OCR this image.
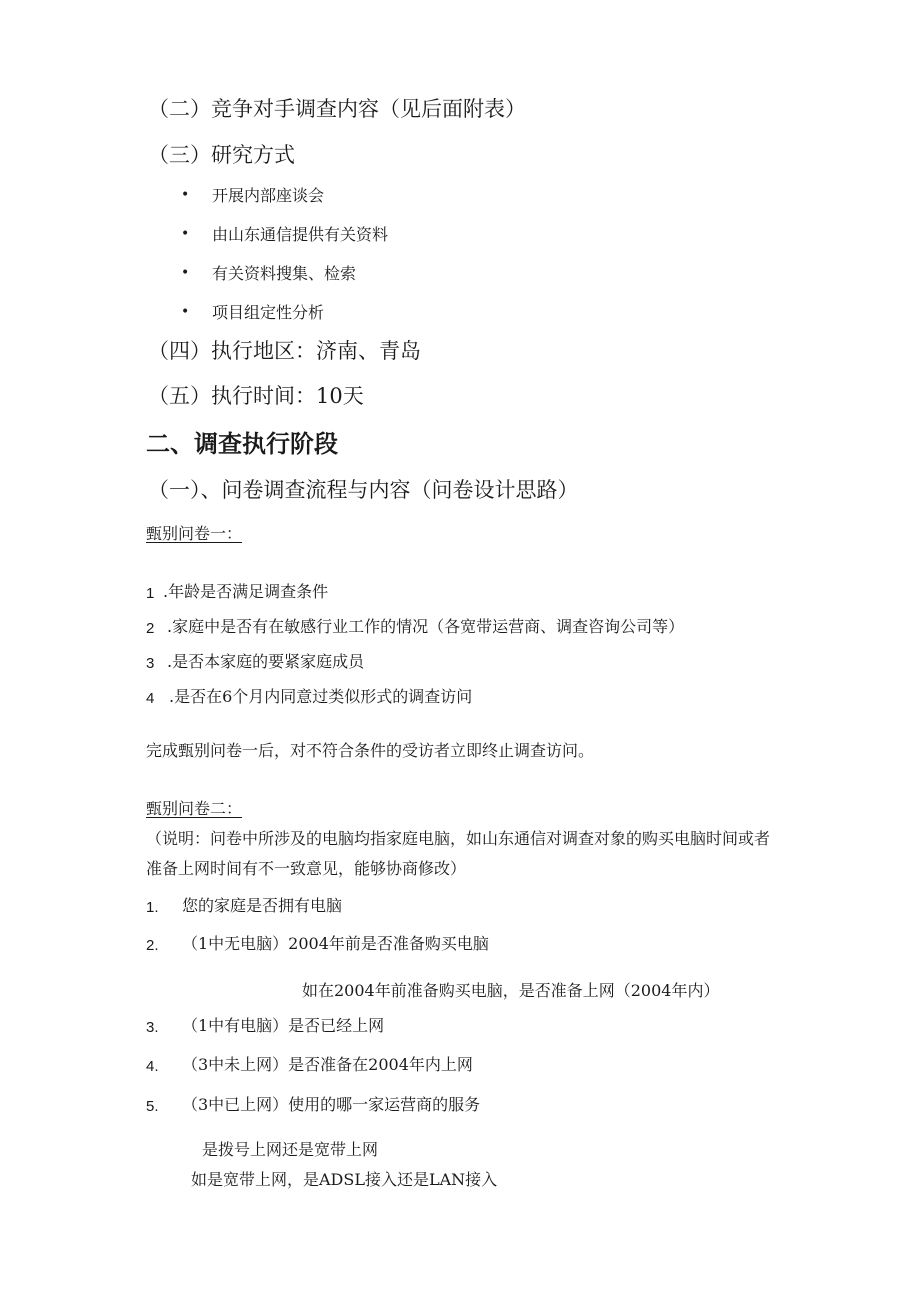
（二）竞争对手调查内容（见后面附表）
（三）研究方式
• 开展内部座谈会
• 由山东通信提供有关资料
• 有关资料搜集、检索
• 项目组定性分析
（四）执行地区：济南、青岛
（五）执行时间：10天
二、调查执行阶段
（一）、问卷调查流程与内容（问卷设计思路）
甄别问卷一：
1 .年龄是否满足调查条件
2 .家庭中是否有在敏感行业工作的情况（各宽带运营商、调查咨询公司等）
3 .是否本家庭的要紧家庭成员
4 .是否在6个月内同意过类似形式的调查访问
完成甄别问卷一后，对不符合条件的受访者立即终止调查访问。
甄别问卷二：
（说明：问卷中所涉及的电脑均指家庭电脑，如山东通信对调查对象的购买电脑时间或者
准备上网时间有不一致意见，能够协商修改）
1. 您的家庭是否拥有电脑
2. （1中无电脑）2004年前是否准备购买电脑
如在2004年前准备购买电脑，是否准备上网（2004年内）
3. （1中有电脑）是否已经上网
4. （3中未上网）是否准备在2004年内上网
5. （3中已上网）使用的哪一家运营商的服务
是拨号上网还是宽带上网
如是宽带上网，是ADSL接入还是LAN接入
